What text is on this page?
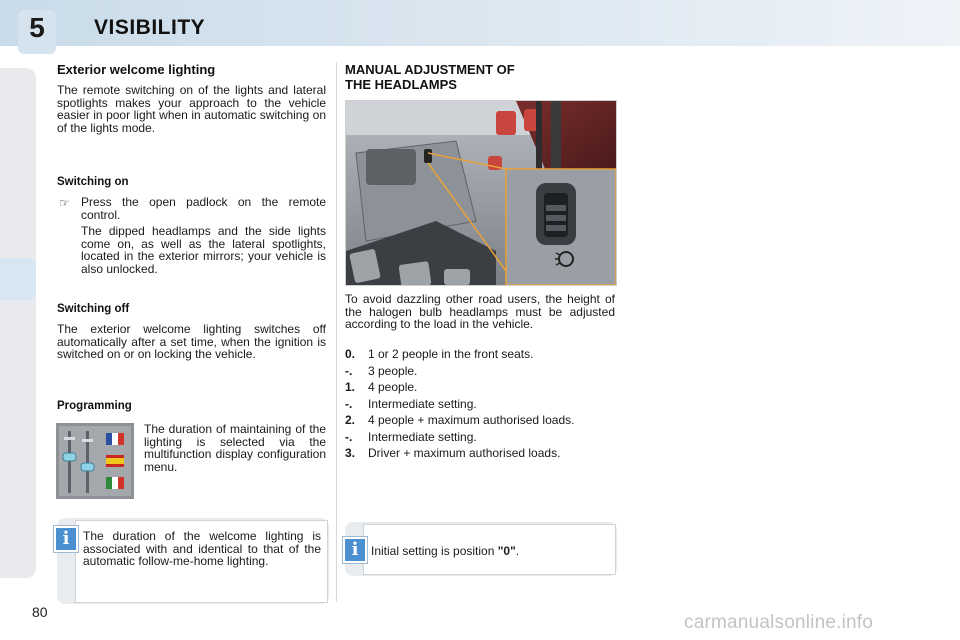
5	VISIBILITY
Exterior welcome lighting

The remote switching on of the lights and lateral spotlights makes your approach to the vehicle easier in poor light when in automatic switching on of the lights mode.

Switching on
☞ Press the open padlock on the remote control.

The dipped headlamps and the side lights come on, as well as the lateral spotlights, located in the exterior mirrors; your vehicle is also unlocked.

Switching off

The exterior welcome lighting switches off automatically after a set time, when the ignition is switched on or on locking the vehicle.

Programming

The duration of maintaining of the lighting is selected via the multifunction display configuration menu.

The duration of the welcome lighting is associated with and identical to that of the automatic follow-me-home lighting.

i
MANUAL ADJUSTMENT OF
THE HEADLAMPS

To avoid dazzling other road users, the height of the halogen bulb headlamps must be adjusted according to the load in the vehicle.

0. 1 or 2 people in the front seats.
-. 3 people.
1. 4 people.
-. Intermediate setting.
2. 4 people + maximum authorised loads.
-. Intermediate setting.
3. Driver + maximum authorised loads.

Initial setting is position "0".

i
80	carmanualsonline.info
